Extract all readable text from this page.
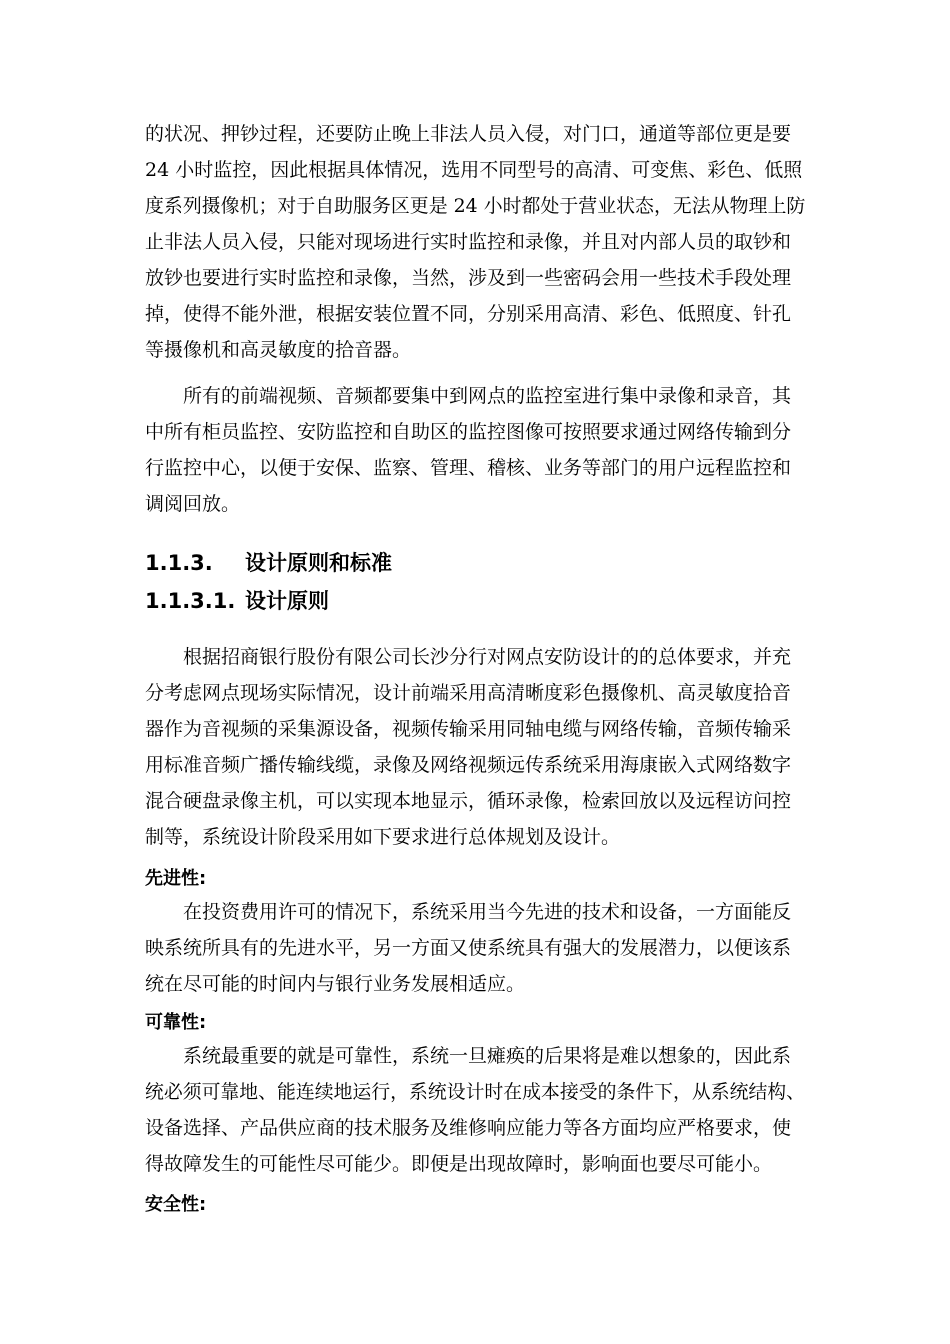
的状况、押钞过程，还要防止晚上非法人员入侵，对门口，通道等部位更是要
24 小时监控，因此根据具体情况，选用不同型号的高清、可变焦、彩色、低照
度系列摄像机；对于自助服务区更是 24 小时都处于营业状态，无法从物理上防
止非法人员入侵，只能对现场进行实时监控和录像，并且对内部人员的取钞和
放钞也要进行实时监控和录像，当然，涉及到一些密码会用一些技术手段处理
掉，使得不能外泄，根据安装位置不同，分别采用高清、彩色、低照度、针孔
等摄像机和高灵敏度的拾音器。
所有的前端视频、音频都要集中到网点的监控室进行集中录像和录音，其
中所有柜员监控、安防监控和自助区的监控图像可按照要求通过网络传输到分
行监控中心，以便于安保、监察、管理、稽核、业务等部门的用户远程监控和
调阅回放。
1.1.3. 设计原则和标准
1.1.3.1. 设计原则
根据招商银行股份有限公司长沙分行对网点安防设计的的总体要求，并充
分考虑网点现场实际情况，设计前端采用高清晰度彩色摄像机、高灵敏度拾音
器作为音视频的采集源设备，视频传输采用同轴电缆与网络传输，音频传输采
用标准音频广播传输线缆，录像及网络视频远传系统采用海康嵌入式网络数字
混合硬盘录像主机，可以实现本地显示，循环录像，检索回放以及远程访问控
制等，系统设计阶段采用如下要求进行总体规划及设计。
先进性:
在投资费用许可的情况下，系统采用当今先进的技术和设备，一方面能反
映系统所具有的先进水平，另一方面又使系统具有强大的发展潜力，以便该系
统在尽可能的时间内与银行业务发展相适应。
可靠性:
系统最重要的就是可靠性，系统一旦瘫痪的后果将是难以想象的，因此系
统必须可靠地、能连续地运行，系统设计时在成本接受的条件下，从系统结构、
设备选择、产品供应商的技术服务及维修响应能力等各方面均应严格要求，使
得故障发生的可能性尽可能少。即便是出现故障时，影响面也要尽可能小。
安全性:
